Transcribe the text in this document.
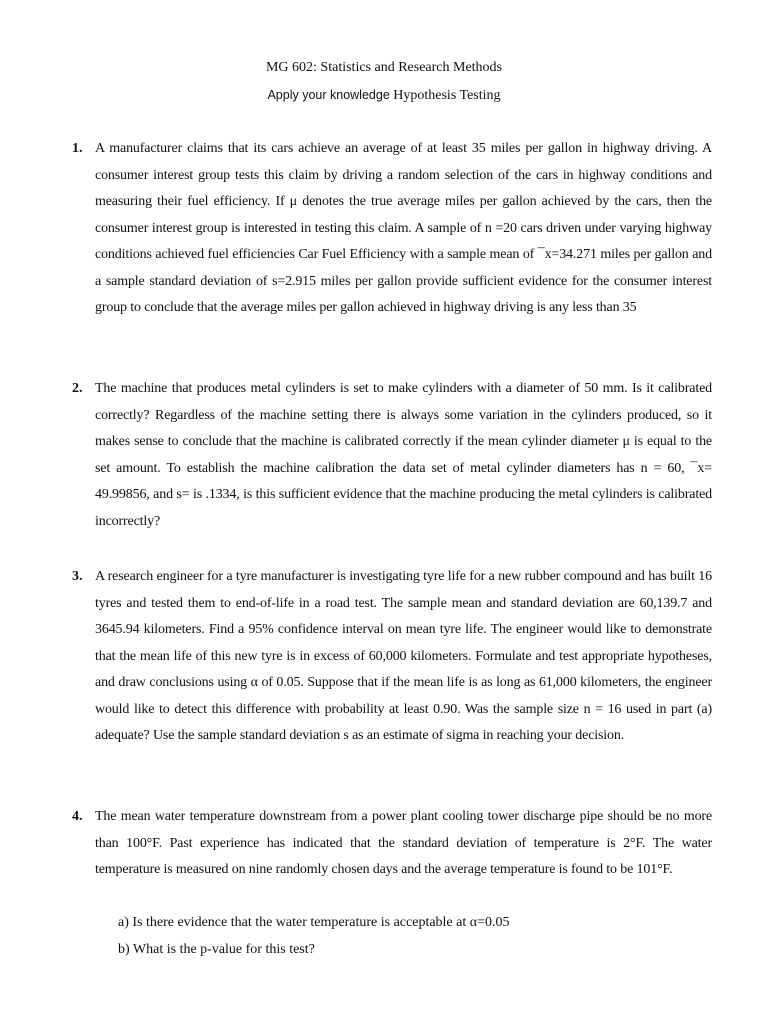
MG 602: Statistics and Research Methods
Apply your knowledge Hypothesis Testing
1. A manufacturer claims that its cars achieve an average of at least 35 miles per gallon in highway driving. A consumer interest group tests this claim by driving a random selection of the cars in highway conditions and measuring their fuel efficiency. If μ denotes the true average miles per gallon achieved by the cars, then the consumer interest group is interested in testing this claim. A sample of n =20 cars driven under varying highway conditions achieved fuel efficiencies Car Fuel Efficiency with a sample mean of ¯x=34.271 miles per gallon and a sample standard deviation of s=2.915 miles per gallon provide sufficient evidence for the consumer interest group to conclude that the average miles per gallon achieved in highway driving is any less than 35
2. The machine that produces metal cylinders is set to make cylinders with a diameter of 50 mm. Is it calibrated correctly? Regardless of the machine setting there is always some variation in the cylinders produced, so it makes sense to conclude that the machine is calibrated correctly if the mean cylinder diameter μ is equal to the set amount. To establish the machine calibration the data set of metal cylinder diameters has n = 60, ¯x= 49.99856, and s= is .1334, is this sufficient evidence that the machine producing the metal cylinders is calibrated incorrectly?
3. A research engineer for a tyre manufacturer is investigating tyre life for a new rubber compound and has built 16 tyres and tested them to end-of-life in a road test. The sample mean and standard deviation are 60,139.7 and 3645.94 kilometers. Find a 95% confidence interval on mean tyre life. The engineer would like to demonstrate that the mean life of this new tyre is in excess of 60,000 kilometers. Formulate and test appropriate hypotheses, and draw conclusions using α of 0.05. Suppose that if the mean life is as long as 61,000 kilometers, the engineer would like to detect this difference with probability at least 0.90. Was the sample size n = 16 used in part (a) adequate? Use the sample standard deviation s as an estimate of sigma in reaching your decision.
4. The mean water temperature downstream from a power plant cooling tower discharge pipe should be no more than 100°F. Past experience has indicated that the standard deviation of temperature is 2°F. The water temperature is measured on nine randomly chosen days and the average temperature is found to be 101°F.
a) Is there evidence that the water temperature is acceptable at α=0.05
b) What is the p-value for this test?
